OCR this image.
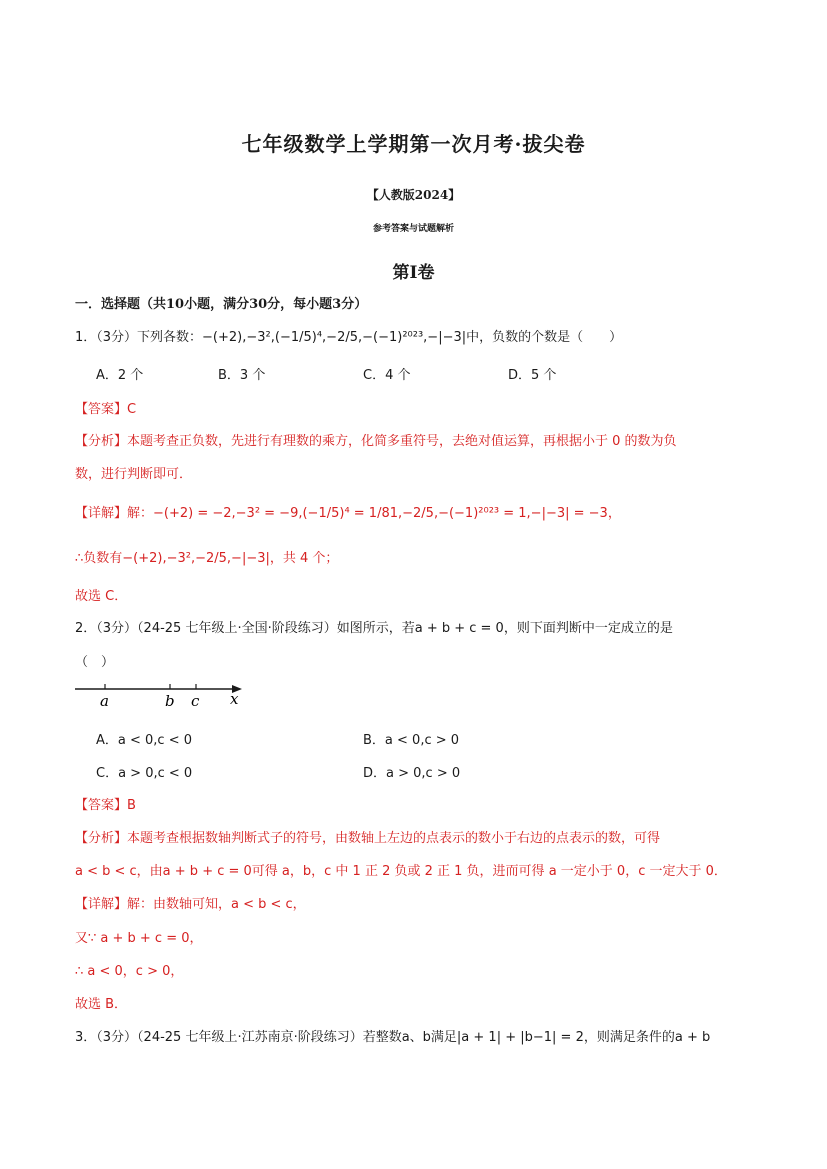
七年级数学上学期第一次月考·拔尖卷
【人教版2024】
参考答案与试题解析
第I卷
一．选择题（共10小题，满分30分，每小题3分）
1．（3分）下列各数：−(+2),−3²,(−1/5)⁴,−2/5,−(−1)²⁰²³,−|−3|中，负数的个数是（　　）
A．2 个	B．3 个	C．4 个	D．5 个
【答案】C
【分析】本题考查正负数，先进行有理数的乘方，化简多重符号，去绝对值运算，再根据小于 0 的数为负
数，进行判断即可．
【详解】解：−(+2) = −2,−3² = −9,(−1/5)⁴ = 1/81,−2/5,−(−1)²⁰²³ = 1,−|−3| = −3，
∴负数有−(+2),−3²,−2/5,−|−3|，共 4 个；
故选 C．
2．（3分）（24-25 七年级上·全国·阶段练习）如图所示，若a + b + c = 0，则下面判断中一定成立的是
（　）
a	b c x
A．a < 0,c < 0	B．a < 0,c > 0
C．a > 0,c < 0	D．a > 0,c > 0
【答案】B
【分析】本题考查根据数轴判断式子的符号，由数轴上左边的点表示的数小于右边的点表示的数，可得
a < b < c，由a + b + c = 0可得 a，b，c 中 1 正 2 负或 2 正 1 负，进而可得 a 一定小于 0，c 一定大于 0．
【详解】解：由数轴可知，a < b < c，
又∵ a + b + c = 0，
∴ a < 0，c > 0，
故选 B．
3．（3分）（24-25 七年级上·江苏南京·阶段练习）若整数a、b满足|a + 1| + |b−1| = 2，则满足条件的a + b
